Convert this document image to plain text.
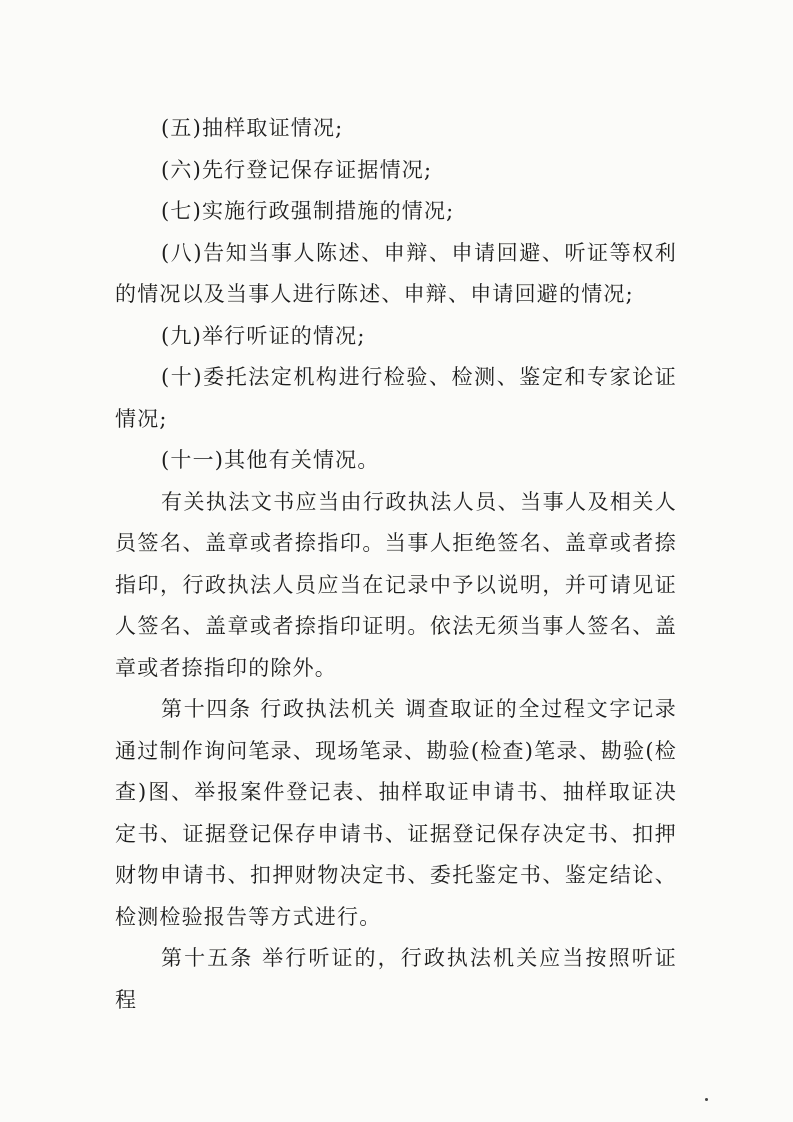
(五)抽样取证情况;

(六)先行登记保存证据情况;

(七)实施行政强制措施的情况;

(八)告知当事人陈述、申辩、申请回避、听证等权利的情况以及当事人进行陈述、申辩、申请回避的情况;

(九)举行听证的情况;

(十)委托法定机构进行检验、检测、鉴定和专家论证情况;

(十一)其他有关情况。

有关执法文书应当由行政执法人员、当事人及相关人员签名、盖章或者捺指印。当事人拒绝签名、盖章或者捺指印，行政执法人员应当在记录中予以说明，并可请见证人签名、盖章或者捺指印证明。依法无须当事人签名、盖章或者捺指印的除外。

第十四条 行政执法机关 调查取证的全过程文字记录通过制作询问笔录、现场笔录、勘验(检查)笔录、勘验(检查)图、举报案件登记表、抽样取证申请书、抽样取证决定书、证据登记保存申请书、证据登记保存决定书、扣押财物申请书、扣押财物决定书、委托鉴定书、鉴定结论、检测检验报告等方式进行。

第十五条 举行听证的，行政执法机关应当按照听证程
